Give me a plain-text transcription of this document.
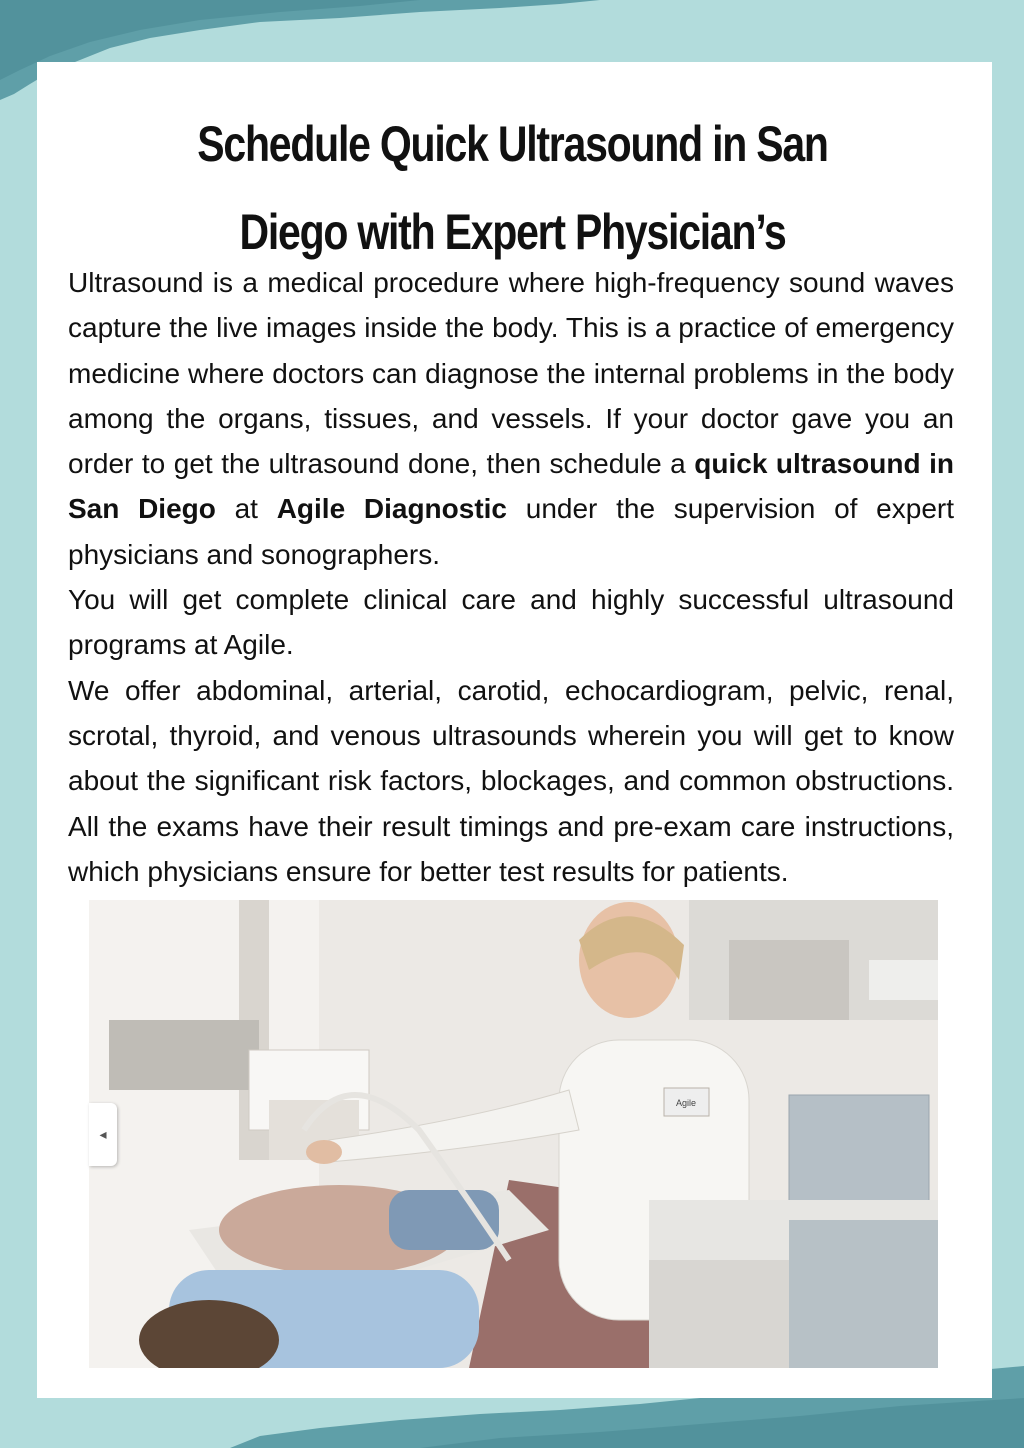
Schedule Quick Ultrasound in San Diego with Expert Physician’s

Ultrasound is a medical procedure where high-frequency sound waves capture the live images inside the body. This is a practice of emergency medicine where doctors can diagnose the internal problems in the body among the organs, tissues, and vessels. If your doctor gave you an order to get the ultrasound done, then schedule a quick ultrasound in San Diego at Agile Diagnostic under the supervision of expert physicians and sonographers.

You will get complete clinical care and highly successful ultrasound programs at Agile.

We offer abdominal, arterial, carotid, echocardiogram, pelvic, renal, scrotal, thyroid, and venous ultrasounds wherein you will get to know about the significant risk factors, blockages, and common obstructions. All the exams have their result timings and pre-exam care instructions, which physicians ensure for better test results for patients.

Agile
◂
